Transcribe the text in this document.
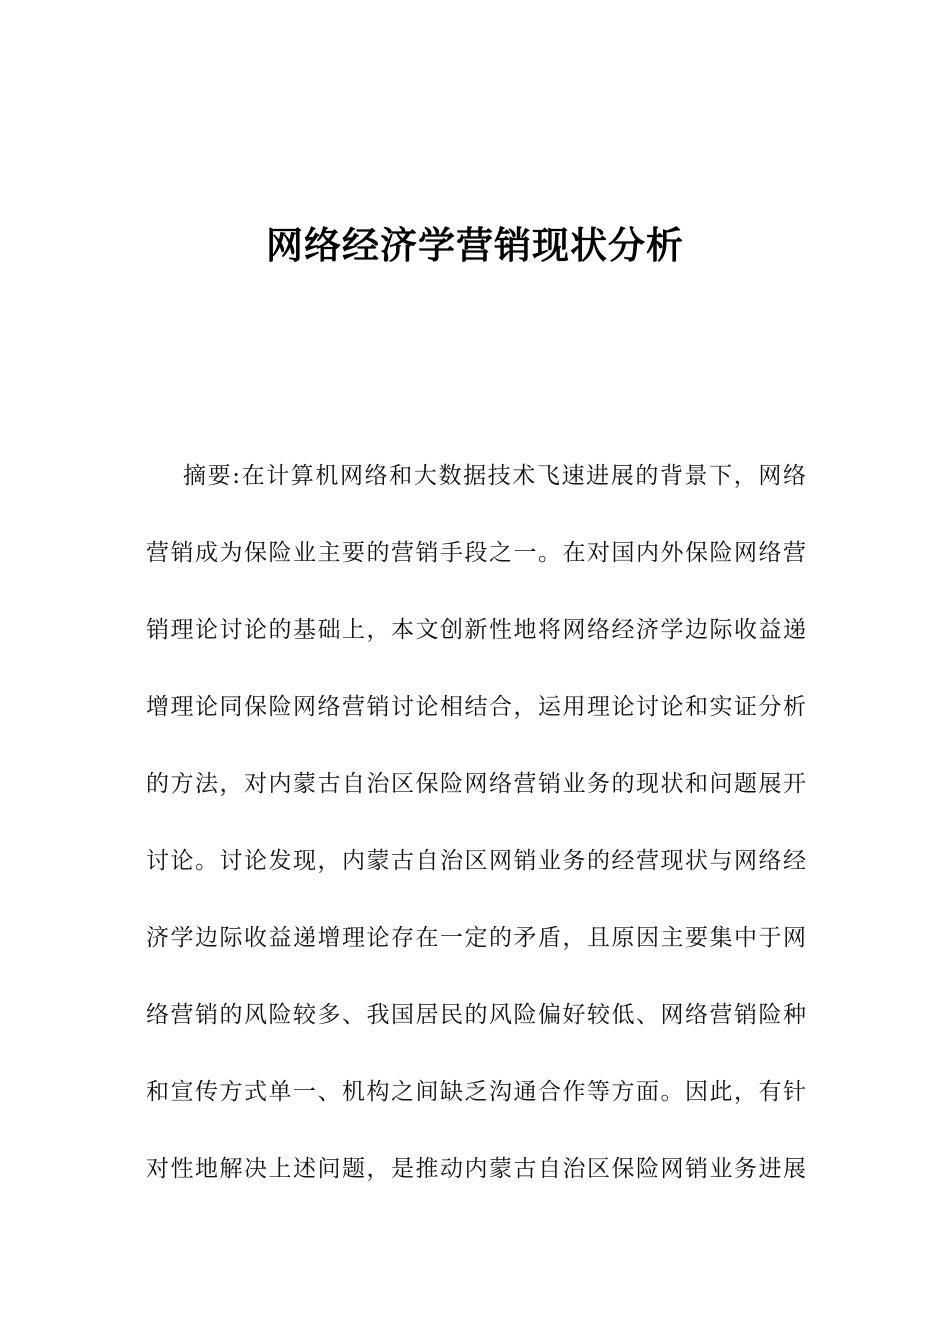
网络经济学营销现状分析
摘要:在计算机网络和大数据技术飞速进展的背景下，网络
营销成为保险业主要的营销手段之一。在对国内外保险网络营
销理论讨论的基础上，本文创新性地将网络经济学边际收益递
增理论同保险网络营销讨论相结合，运用理论讨论和实证分析
的方法，对内蒙古自治区保险网络营销业务的现状和问题展开
讨论。讨论发现，内蒙古自治区网销业务的经营现状与网络经
济学边际收益递增理论存在一定的矛盾，且原因主要集中于网
络营销的风险较多、我国居民的风险偏好较低、网络营销险种
和宣传方式单一、机构之间缺乏沟通合作等方面。因此，有针
对性地解决上述问题，是推动内蒙古自治区保险网销业务进展
